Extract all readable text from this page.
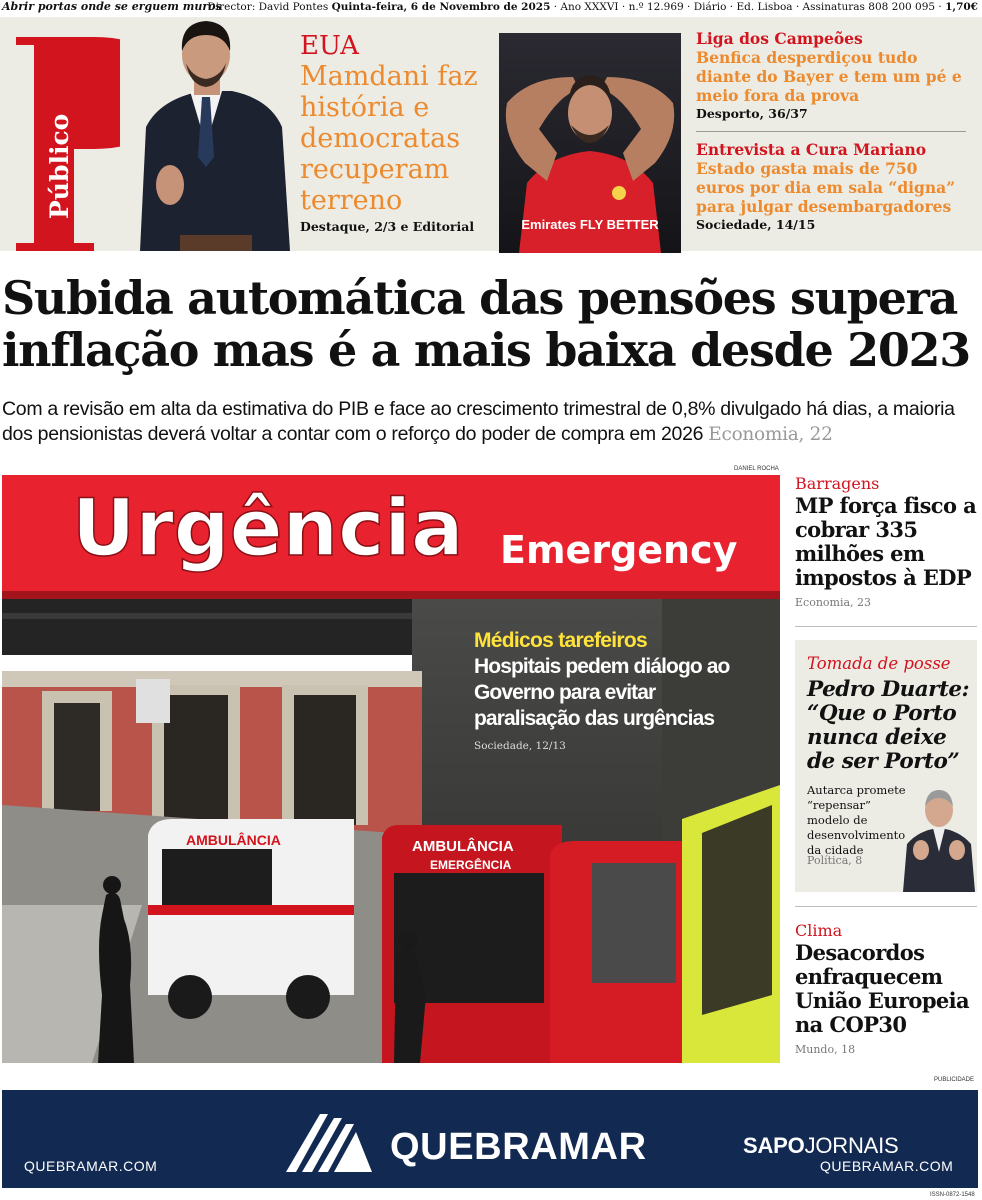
Abrir portas onde se erguem muros
Director: David Pontes Quinta-feira, 6 de Novembro de 2025 · Ano XXXVI · n.º 12.969 · Diário · Ed. Lisboa · Assinaturas 808 200 095 · 1,70€
Público
EUA
Mamdani faz história e democratas recuperam terreno
Destaque, 2/3 e Editorial	Emirates FLY BETTER
Liga dos Campeões
Benfica desperdiçou tudo diante do Bayer e tem um pé e meio fora da prova
Desporto, 36/37
Entrevista a Cura Mariano
Estado gasta mais de 750 euros por dia em sala “digna” para julgar desembargadores
Sociedade, 14/15
Subida automática das pensões supera inflação mas é a mais baixa desde 2023

Com a revisão em alta da estimativa do PIB e face ao crescimento trimestral de 0,8% divulgado há dias, a maioria dos pensionistas deverá voltar a contar com o reforço do poder de compra em 2026 Economia, 22

DANIEL ROCHA
Urgência Emergency
AMBULÂNCIA	AMBULÂNCIA
EMERGÊNCIA
Médicos tarefeiros
Hospitais pedem diálogo ao Governo para evitar paralisação das urgências
Sociedade, 12/13
Barragens
MP força fisco a cobrar 335 milhões em impostos à EDP
Economia, 23
Tomada de posse
Pedro Duarte: “Que o Porto nunca deixe de ser Porto”
Autarca promete “repensar” modelo de desenvolvimento da cidade
Política, 8
Clima
Desacordos enfraquecem União Europeia na COP30
Mundo, 18
PUBLICIDADE
QUEBRAMAR.COM	QUEBRAMAR	SAPOJORNAIS
QUEBRAMAR.COM
ISSN-0872-1548
